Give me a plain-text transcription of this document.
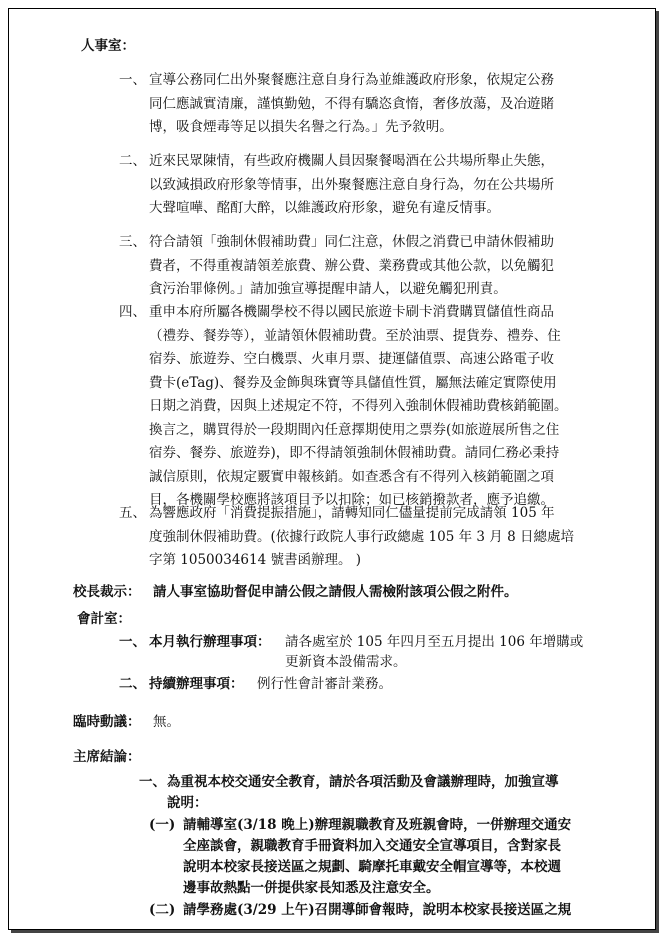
人事室：
一、 宣導公務同仁出外聚餐應注意自身行為並維護政府形象，依規定公務
同仁應誠實清廉，謹慎勤勉，不得有驕恣貪惰，奢侈放蕩，及冶遊賭
博，吸食煙毒等足以損失名譽之行為。」先予敘明。
二、 近來民眾陳情，有些政府機關人員因聚餐喝酒在公共場所舉止失態，
以致減損政府形象等情事，出外聚餐應注意自身行為，勿在公共場所
大聲喧嘩、酩酊大醉，以維護政府形象，避免有違反情事。
三、 符合請領「強制休假補助費」同仁注意，休假之消費已申請休假補助
費者，不得重複請領差旅費、辦公費、業務費或其他公款，以免觸犯
貪污治罪條例。」請加強宣導提醒申請人，以避免觸犯刑責。
四、 重申本府所屬各機關學校不得以國民旅遊卡刷卡消費購買儲值性商品
（禮券、餐券等），並請領休假補助費。至於油票、提貨券、禮券、住
宿券、旅遊券、空白機票、火車月票、捷運儲值票、高速公路電子收
費卡(eTag)、餐券及金飾與珠寶等具儲值性質，屬無法確定實際使用
日期之消費，因與上述規定不符，不得列入強制休假補助費核銷範圍。
換言之，購買得於一段期間內任意擇期使用之票券(如旅遊展所售之住
宿券、餐券、旅遊券)，即不得請領強制休假補助費。請同仁務必秉持
誠信原則，依規定覈實申報核銷。如查悉含有不得列入核銷範圍之項
目，各機關學校應將該項目予以扣除；如已核銷撥款者，應予追繳。
五、 為響應政府「消費提振措施」，請轉知同仁儘量提前完成請領 105 年
度強制休假補助費。(依據行政院人事行政總處 105 年 3 月 8 日總處培
字第 1050034614 號書函辦理。 )
校長裁示： 請人事室協助督促申請公假之請假人需檢附該項公假之附件。
會計室：
一、 本月執行辦理事項： 請各處室於 105 年四月至五月提出 106 年增購或
更新資本設備需求。
二、 持續辦理事項： 例行性會計審計業務。
臨時動議： 無。
主席結論：
一、 為重視本校交通安全教育，請於各項活動及會議辦理時，加強宣導
說明：
(一) 請輔導室(3/18 晚上)辦理親職教育及班親會時，一併辦理交通安
全座談會，親職教育手冊資料加入交通安全宣導項目，含對家長
說明本校家長接送區之規劃、騎摩托車戴安全帽宣導等，本校週
邊事故熱點一併提供家長知悉及注意安全。
(二) 請學務處(3/29 上午)召開導師會報時，說明本校家長接送區之規
